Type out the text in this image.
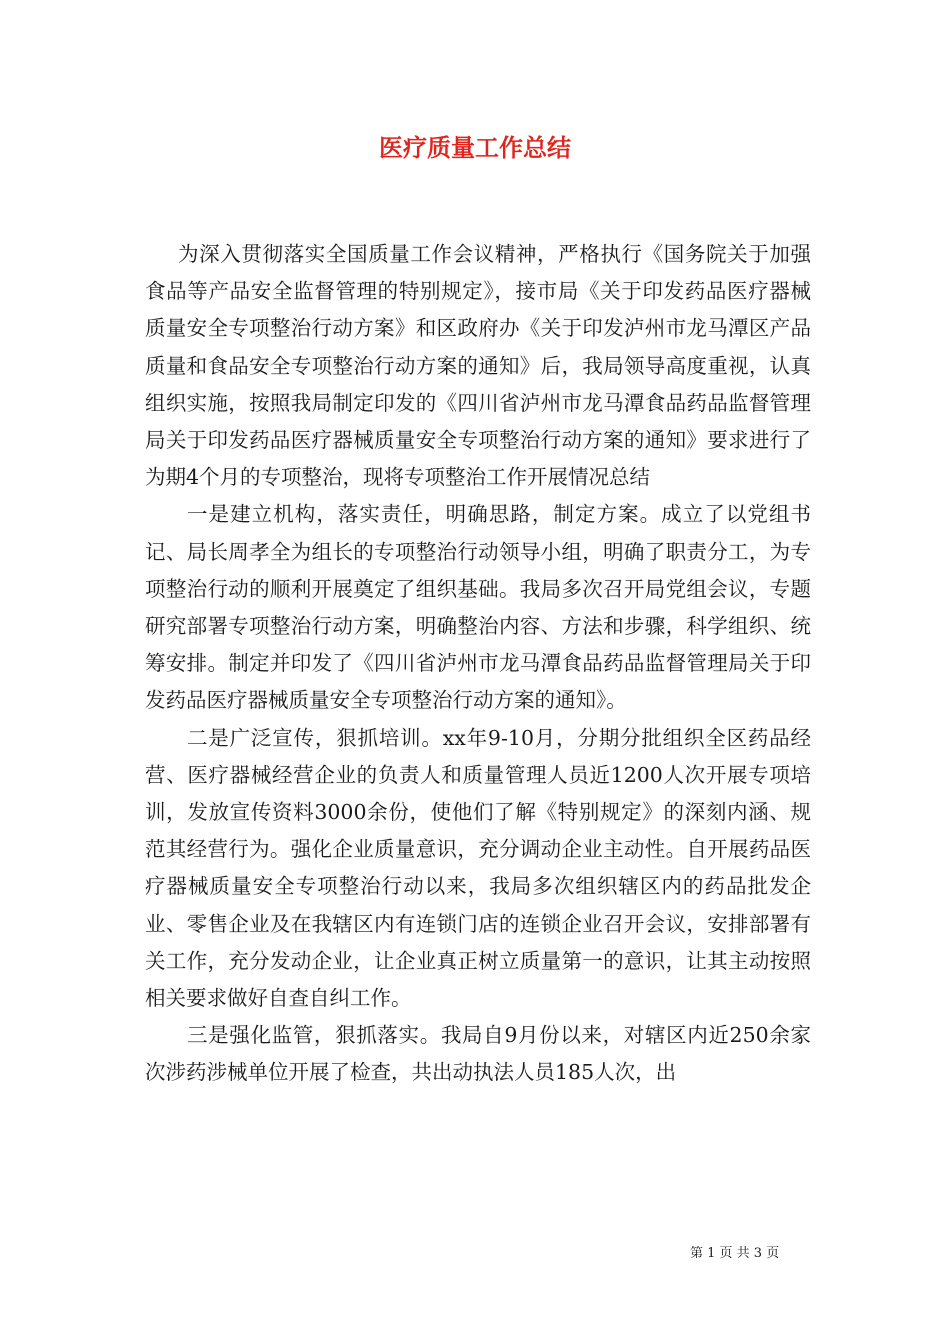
医疗质量工作总结

为深入贯彻落实全国质量工作会议精神，严格执行《国务院关于加强食品等产品安全监督管理的特别规定》，接市局《关于印发药品医疗器械质量安全专项整治行动方案》和区政府办《关于印发泸州市龙马潭区产品质量和食品安全专项整治行动方案的通知》后，我局领导高度重视，认真组织实施，按照我局制定印发的《四川省泸州市龙马潭食品药品监督管理局关于印发药品医疗器械质量安全专项整治行动方案的通知》要求进行了为期4个月的专项整治，现将专项整治工作开展情况总结

一是建立机构，落实责任，明确思路，制定方案。成立了以党组书记、局长周孝全为组长的专项整治行动领导小组，明确了职责分工，为专项整治行动的顺利开展奠定了组织基础。我局多次召开局党组会议，专题研究部署专项整治行动方案，明确整治内容、方法和步骤，科学组织、统筹安排。制定并印发了《四川省泸州市龙马潭食品药品监督管理局关于印发药品医疗器械质量安全专项整治行动方案的通知》。

二是广泛宣传，狠抓培训。xx年9-10月，分期分批组织全区药品经营、医疗器械经营企业的负责人和质量管理人员近1200人次开展专项培训，发放宣传资料3000余份，使他们了解《特别规定》的深刻内涵、规范其经营行为。强化企业质量意识，充分调动企业主动性。自开展药品医疗器械质量安全专项整治行动以来，我局多次组织辖区内的药品批发企业、零售企业及在我辖区内有连锁门店的连锁企业召开会议，安排部署有关工作，充分发动企业，让企业真正树立质量第一的意识，让其主动按照相关要求做好自查自纠工作。

三是强化监管，狠抓落实。我局自9月份以来，对辖区内近250余家次涉药涉械单位开展了检查，共出动执法人员185人次，出

第 1 页 共 3 页
